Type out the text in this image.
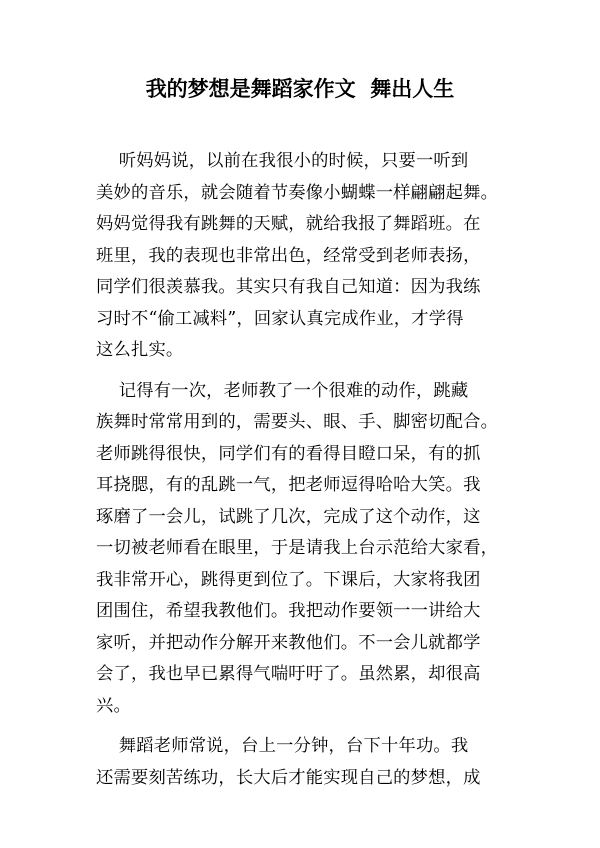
我的梦想是舞蹈家作文  舞出人生
听妈妈说，以前在我很小的时候，只要一听到
美妙的音乐，就会随着节奏像小蝴蝶一样翩翩起舞。
妈妈觉得我有跳舞的天赋，就给我报了舞蹈班。在
班里，我的表现也非常出色，经常受到老师表扬，
同学们很羡慕我。其实只有我自己知道：因为我练
习时不“偷工减料”，回家认真完成作业，才学得
这么扎实。
记得有一次，老师教了一个很难的动作，跳藏
族舞时常常用到的，需要头、眼、手、脚密切配合。
老师跳得很快，同学们有的看得目瞪口呆，有的抓
耳挠腮，有的乱跳一气，把老师逗得哈哈大笑。我
琢磨了一会儿，试跳了几次，完成了这个动作，这
一切被老师看在眼里，于是请我上台示范给大家看，
我非常开心，跳得更到位了。下课后，大家将我团
团围住，希望我教他们。我把动作要领一一讲给大
家听，并把动作分解开来教他们。不一会儿就都学
会了，我也早已累得气喘吁吁了。虽然累，却很高
兴。
舞蹈老师常说，台上一分钟，台下十年功。我
还需要刻苦练功，长大后才能实现自己的梦想，成
